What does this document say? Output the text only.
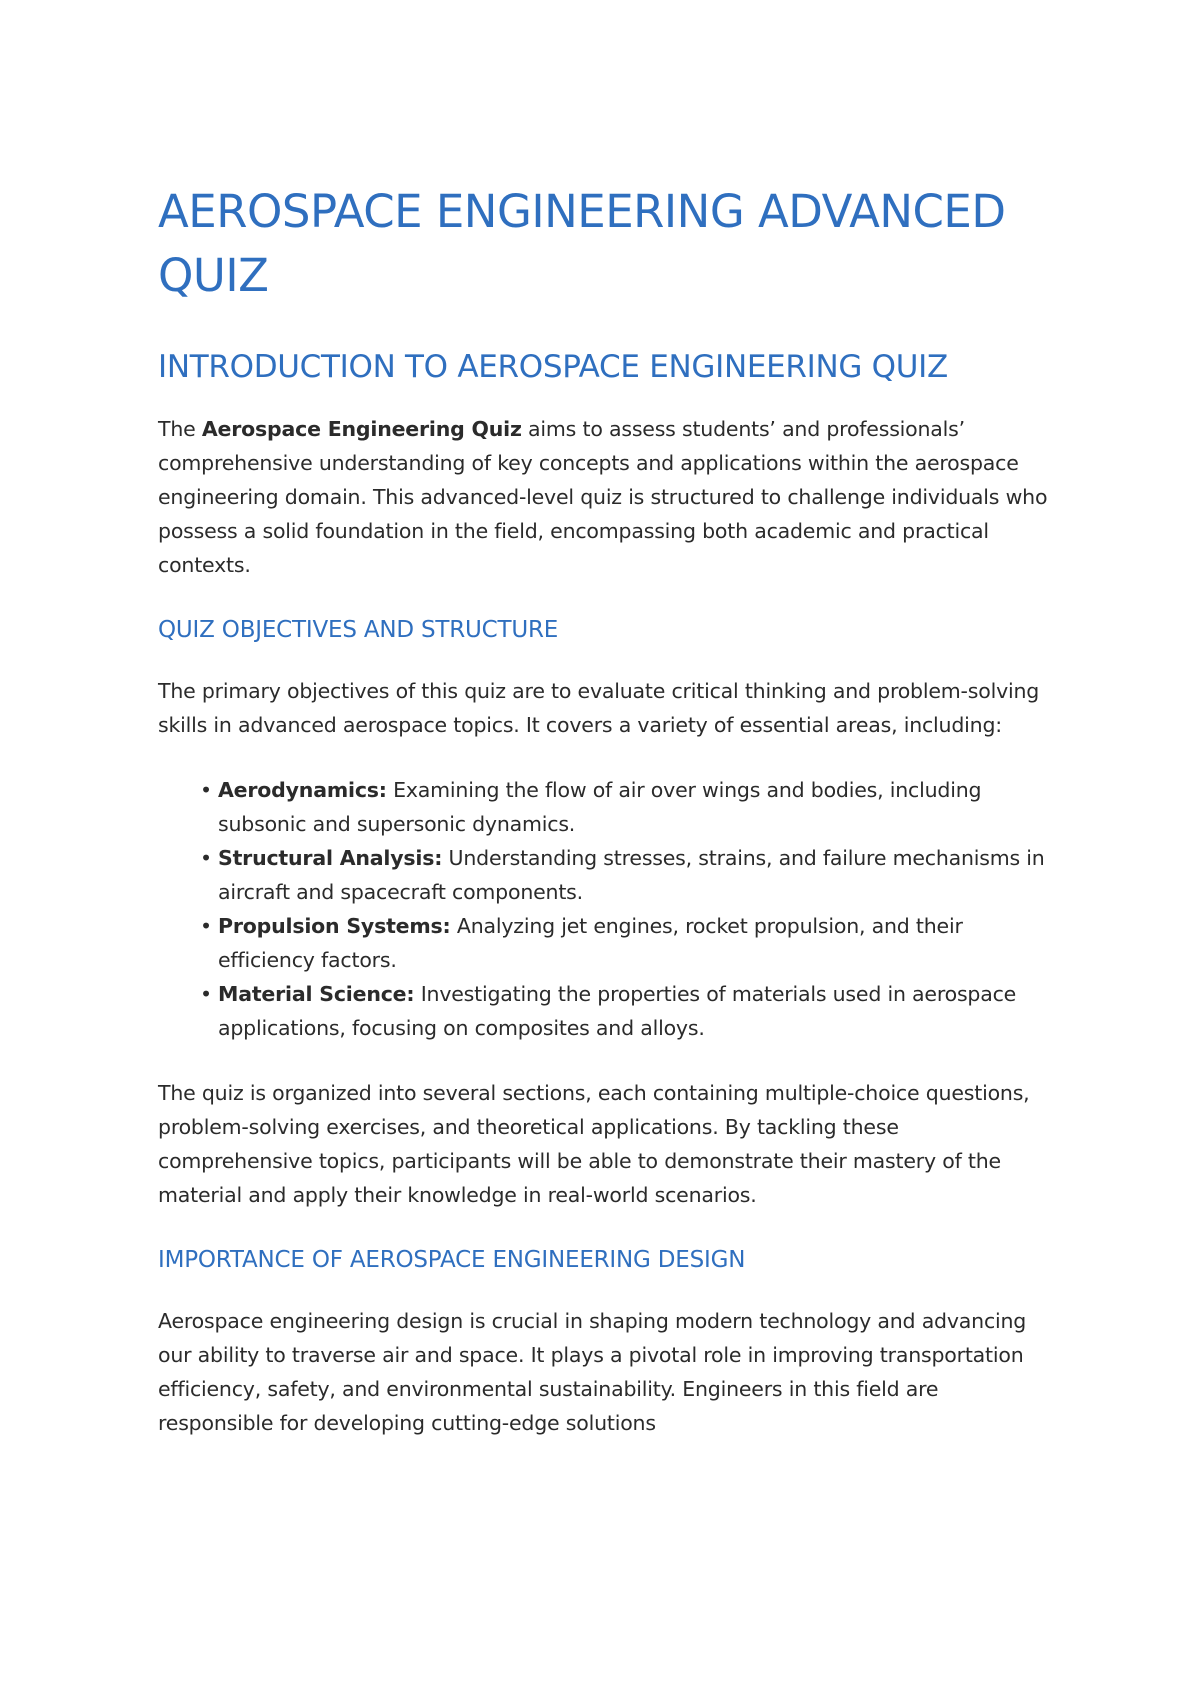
AEROSPACE ENGINEERING ADVANCED QUIZ
INTRODUCTION TO AEROSPACE ENGINEERING QUIZ

The Aerospace Engineering Quiz aims to assess students’ and professionals’ comprehensive understanding of key concepts and applications within the aerospace engineering domain. This advanced-level quiz is structured to challenge individuals who possess a solid foundation in the field, encompassing both academic and practical contexts.

QUIZ OBJECTIVES AND STRUCTURE

The primary objectives of this quiz are to evaluate critical thinking and problem-solving skills in advanced aerospace topics. It covers a variety of essential areas, including:

• Aerodynamics: Examining the flow of air over wings and bodies, including subsonic and supersonic dynamics.
• Structural Analysis: Understanding stresses, strains, and failure mechanisms in aircraft and spacecraft components.
• Propulsion Systems: Analyzing jet engines, rocket propulsion, and their efficiency factors.
• Material Science: Investigating the properties of materials used in aerospace applications, focusing on composites and alloys.

The quiz is organized into several sections, each containing multiple-choice questions, problem-solving exercises, and theoretical applications. By tackling these comprehensive topics, participants will be able to demonstrate their mastery of the material and apply their knowledge in real-world scenarios.

IMPORTANCE OF AEROSPACE ENGINEERING DESIGN

Aerospace engineering design is crucial in shaping modern technology and advancing our ability to traverse air and space. It plays a pivotal role in improving transportation efficiency, safety, and environmental sustainability. Engineers in this field are responsible for developing cutting-edge solutions
